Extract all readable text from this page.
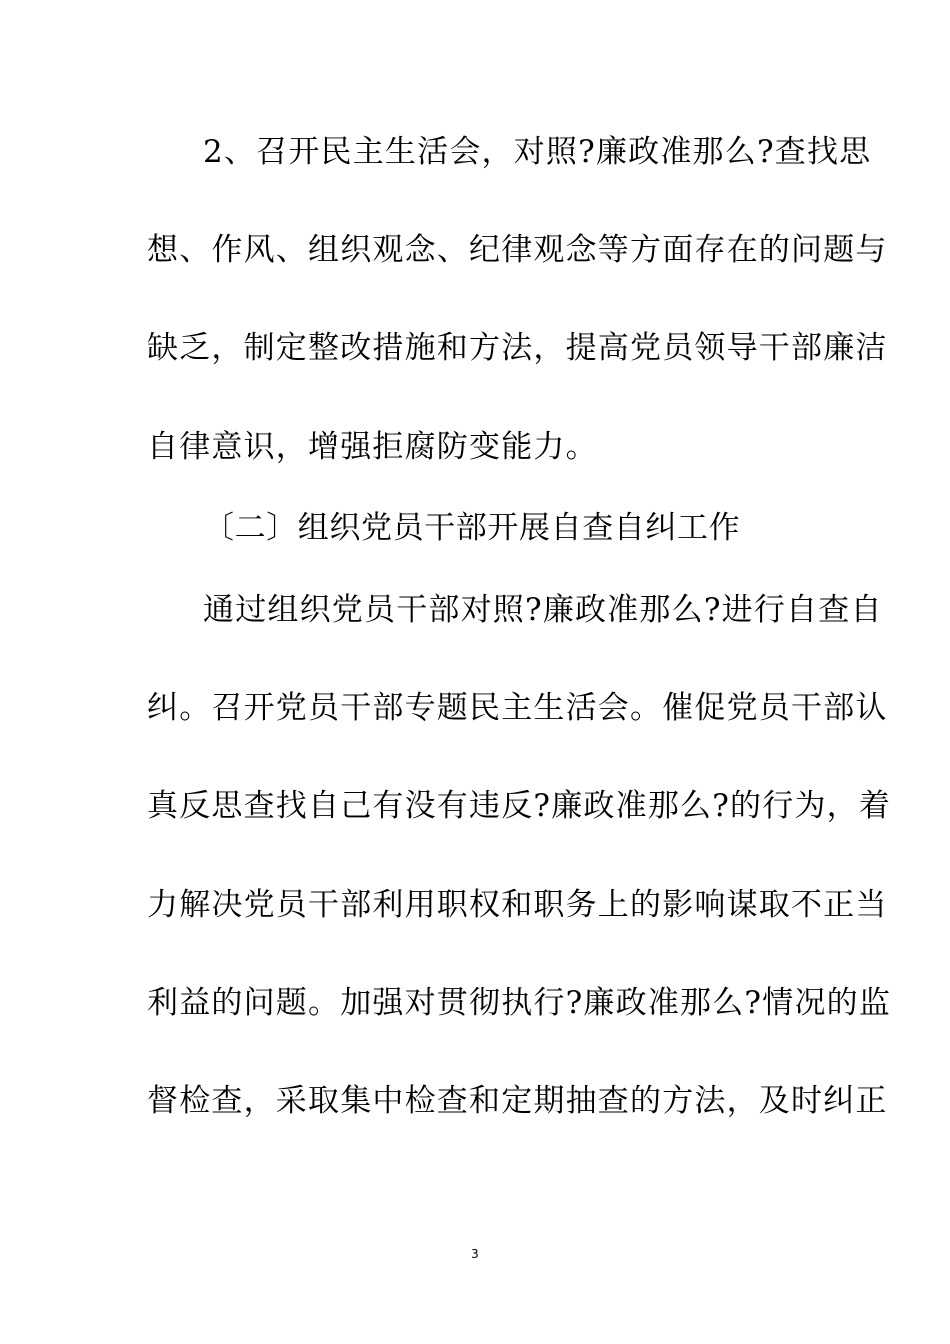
2、召开民主生活会，对照?廉政准那么?查找思
想、作风、组织观念、纪律观念等方面存在的问题与
缺乏，制定整改措施和方法，提高党员领导干部廉洁
自律意识，增强拒腐防变能力。
〔二〕组织党员干部开展自查自纠工作
通过组织党员干部对照?廉政准那么?进行自查自
纠。召开党员干部专题民主生活会。催促党员干部认
真反思查找自己有没有违反?廉政准那么?的行为，着
力解决党员干部利用职权和职务上的影响谋取不正当
利益的问题。加强对贯彻执行?廉政准那么?情况的监
督检查，采取集中检查和定期抽查的方法，及时纠正
3
